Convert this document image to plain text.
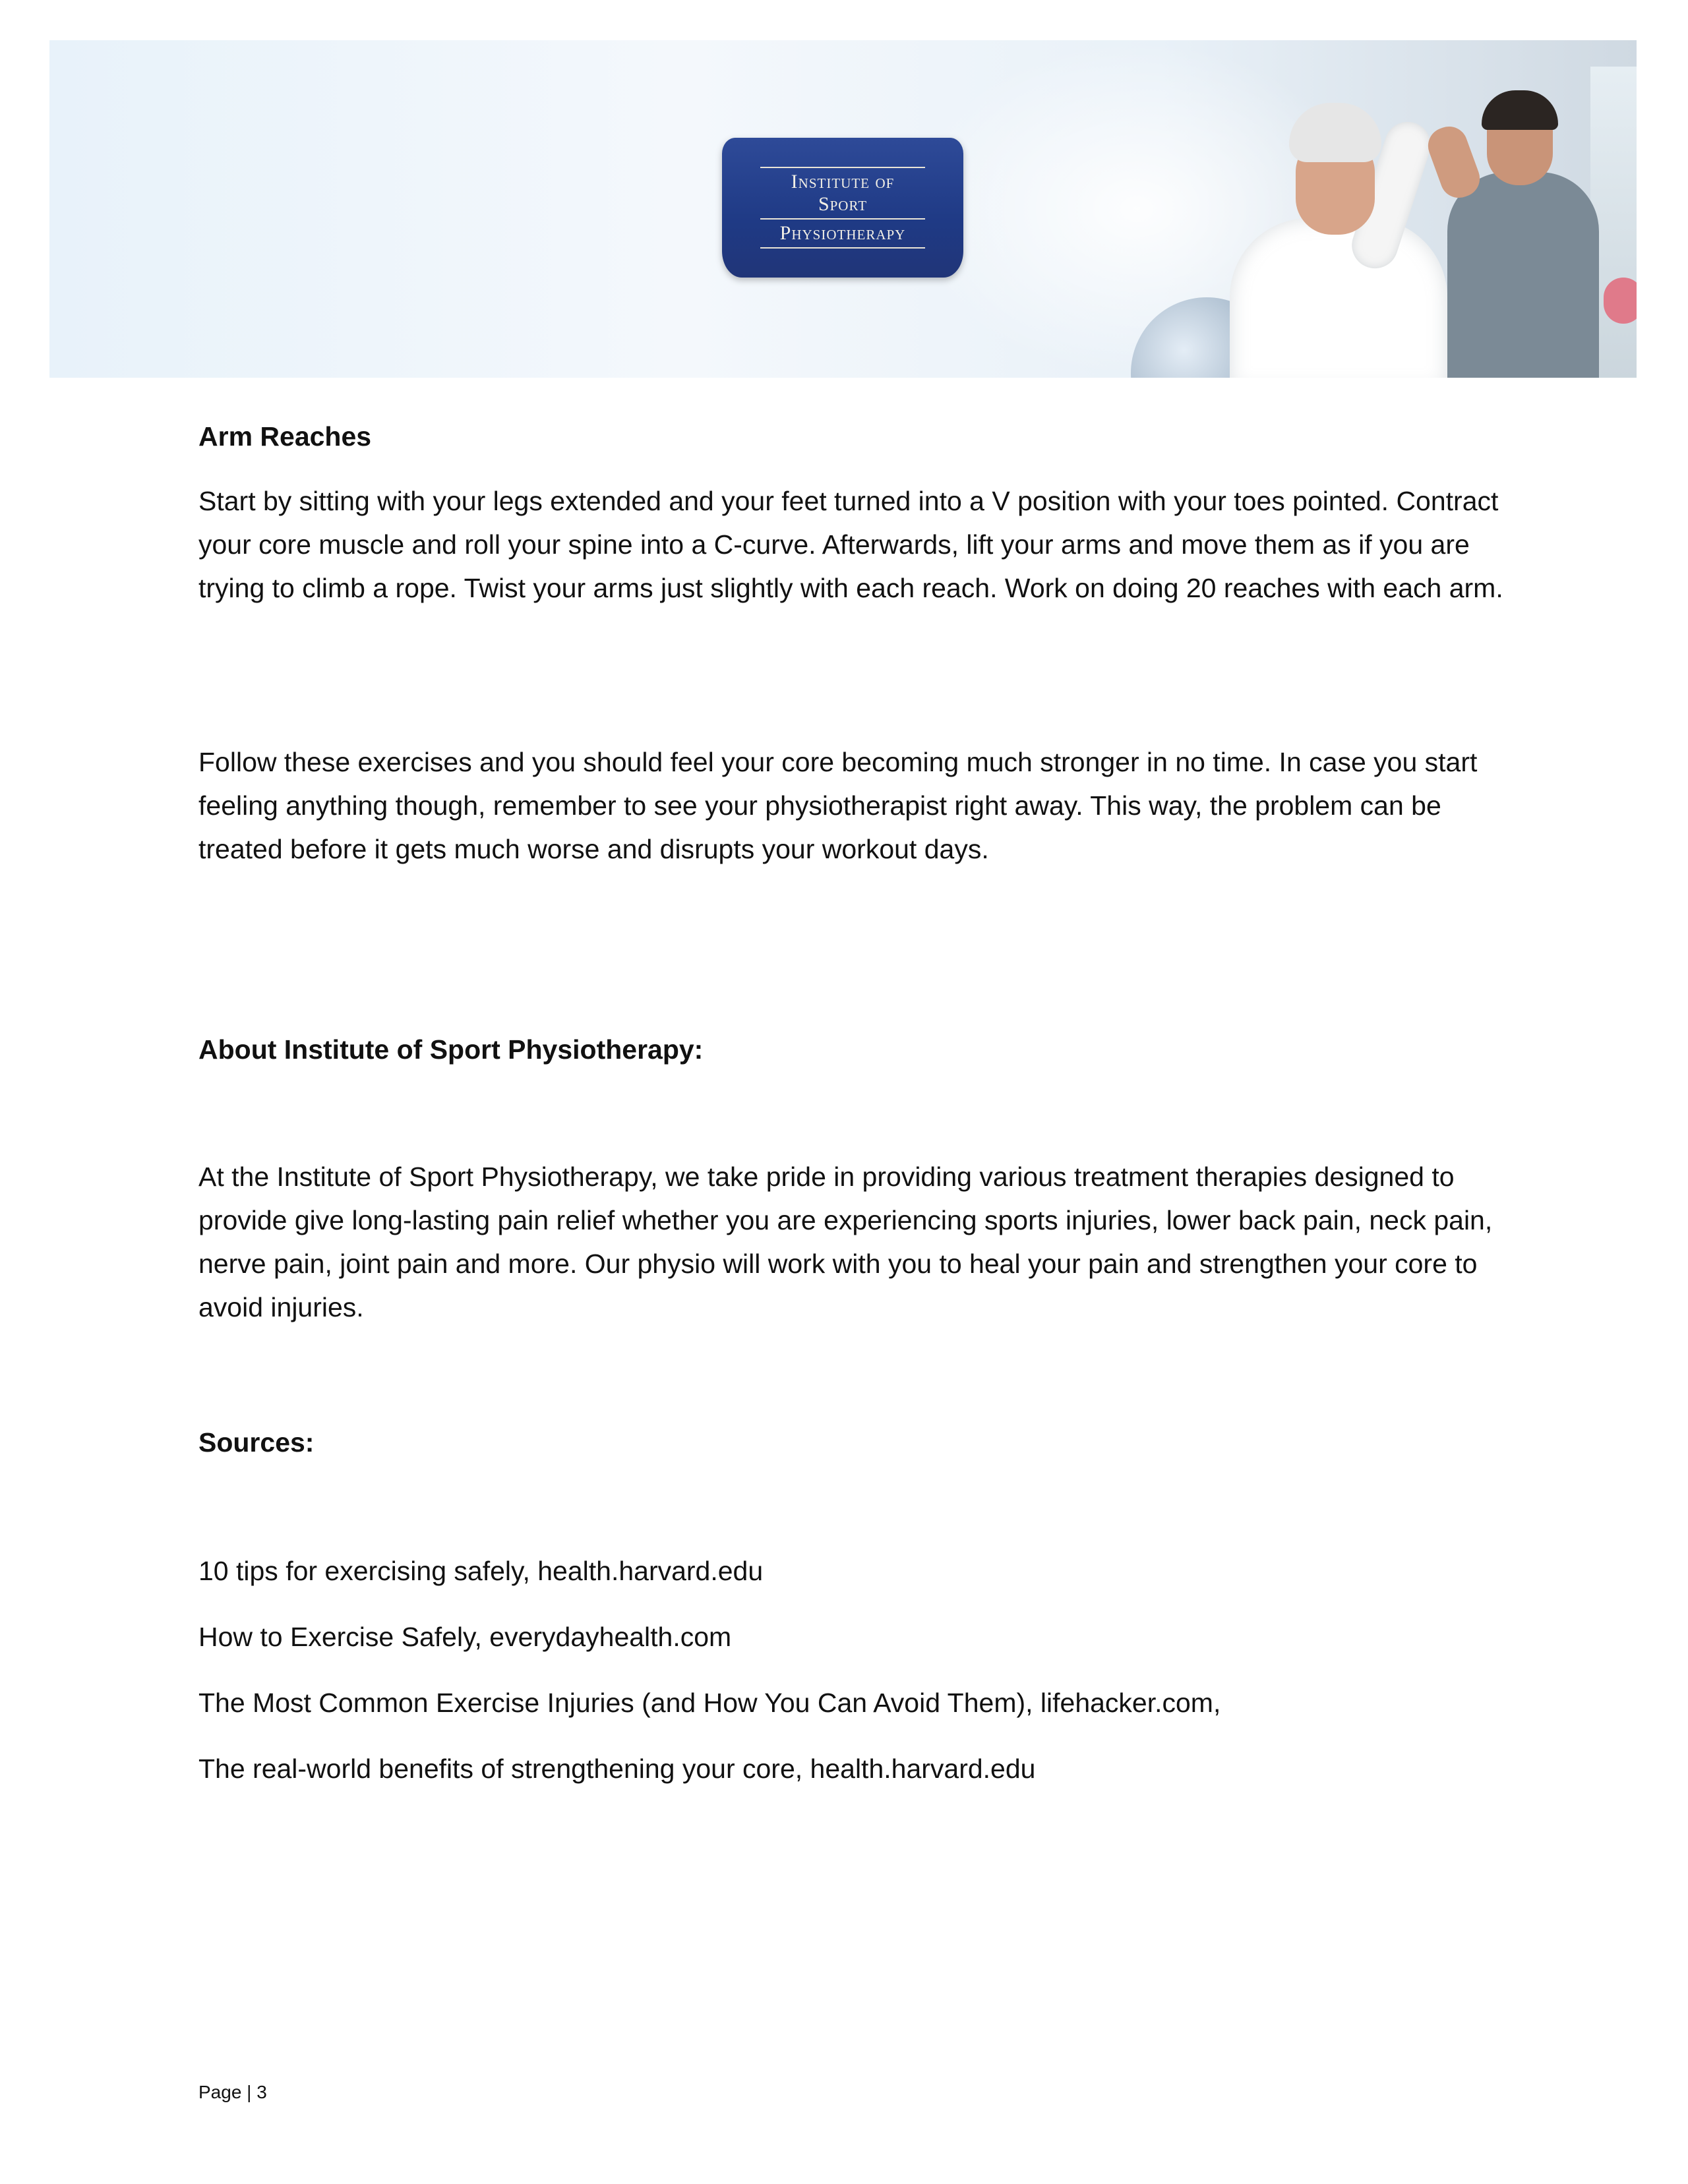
Institute of
Sport
Physiotherapy
Arm Reaches
Start by sitting with your legs extended and your feet turned into a V position with your toes pointed. Contract your core muscle and roll your spine into a C-curve. Afterwards, lift your arms and move them as if you are trying to climb a rope. Twist your arms just slightly with each reach. Work on doing 20 reaches with each arm.
Follow these exercises and you should feel your core becoming much stronger in no time. In case you start feeling anything though, remember to see your physiotherapist right away. This way, the problem can be treated before it gets much worse and disrupts your workout days.
About Institute of Sport Physiotherapy:
At the Institute of Sport Physiotherapy, we take pride in providing various treatment therapies designed to provide give long-lasting pain relief whether you are experiencing sports injuries, lower back pain, neck pain, nerve pain, joint pain and more. Our physio will work with you to heal your pain and strengthen your core to avoid injuries.
Sources:
10 tips for exercising safely, health.harvard.edu
How to Exercise Safely, everydayhealth.com
The Most Common Exercise Injuries (and How You Can Avoid Them), lifehacker.com,
The real-world benefits of strengthening your core, health.harvard.edu
Page | 3
